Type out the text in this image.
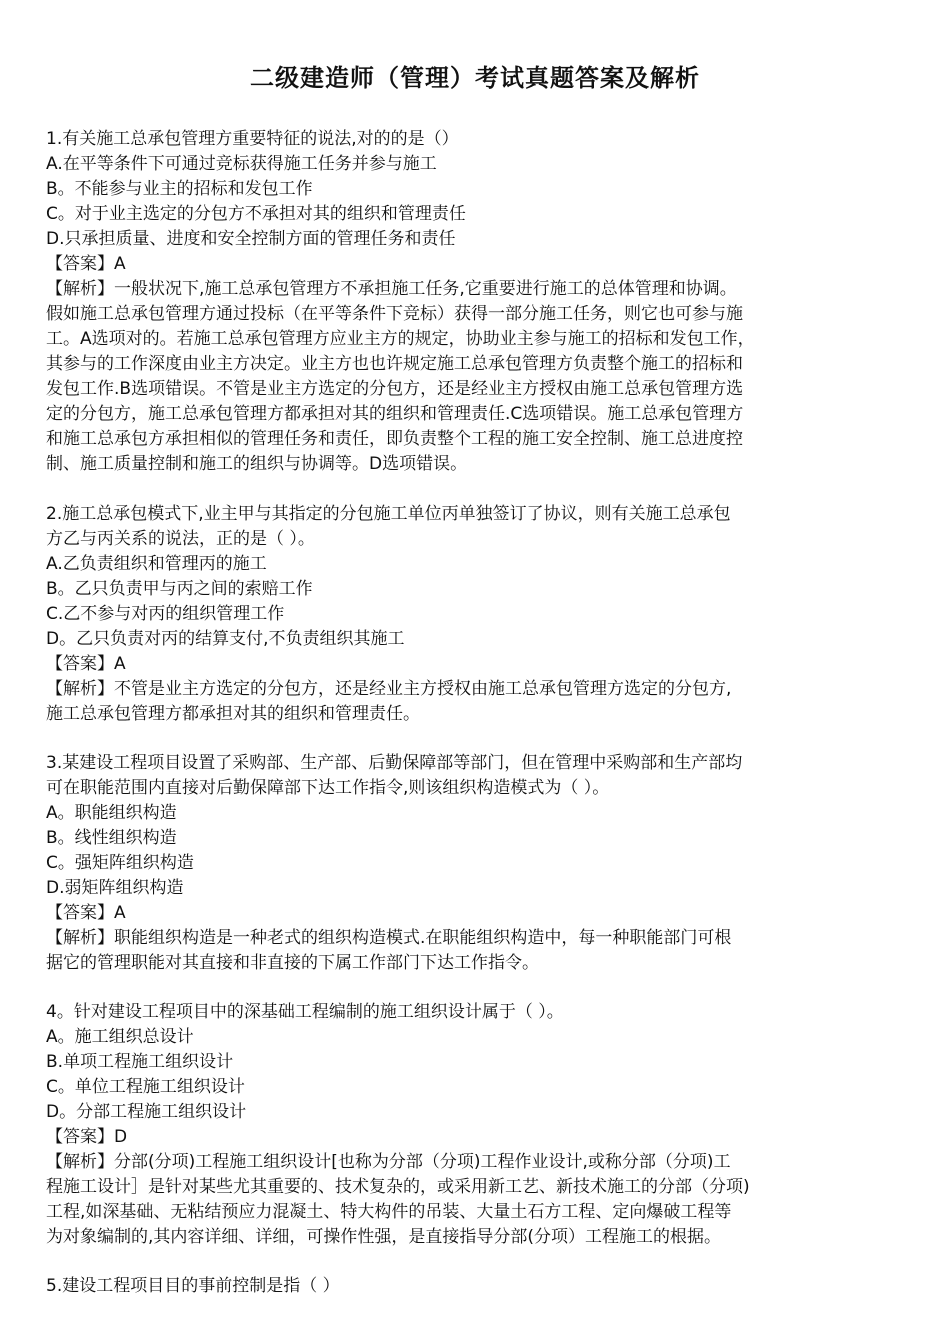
二级建造师（管理）考试真题答案及解析
1.有关施工总承包管理方重要特征的说法,对的的是（）
A.在平等条件下可通过竞标获得施工任务并参与施工
B。不能参与业主的招标和发包工作
C。对于业主选定的分包方不承担对其的组织和管理责任
D.只承担质量、进度和安全控制方面的管理任务和责任
【答案】A
【解析】一般状况下,施工总承包管理方不承担施工任务,它重要进行施工的总体管理和协调。
假如施工总承包管理方通过投标（在平等条件下竞标）获得一部分施工任务，则它也可参与施
工。A选项对的。若施工总承包管理方应业主方的规定，协助业主参与施工的招标和发包工作，
其参与的工作深度由业主方决定。业主方也也许规定施工总承包管理方负责整个施工的招标和
发包工作.B选项错误。不管是业主方选定的分包方，还是经业主方授权由施工总承包管理方选
定的分包方，施工总承包管理方都承担对其的组织和管理责任.C选项错误。施工总承包管理方
和施工总承包方承担相似的管理任务和责任，即负责整个工程的施工安全控制、施工总进度控
制、施工质量控制和施工的组织与协调等。D选项错误。
2.施工总承包模式下,业主甲与其指定的分包施工单位丙单独签订了协议，则有关施工总承包
方乙与丙关系的说法，正的是（ ）。
A.乙负责组织和管理丙的施工
B。乙只负责甲与丙之间的索赔工作
C.乙不参与对丙的组织管理工作
D。乙只负责对丙的结算支付,不负责组织其施工
【答案】A
【解析】不管是业主方选定的分包方，还是经业主方授权由施工总承包管理方选定的分包方,
施工总承包管理方都承担对其的组织和管理责任。
3.某建设工程项目设置了采购部、生产部、后勤保障部等部门，但在管理中采购部和生产部均
可在职能范围内直接对后勤保障部下达工作指令,则该组织构造模式为（ ）。
A。职能组织构造
B。线性组织构造
C。强矩阵组织构造
D.弱矩阵组织构造
【答案】A
【解析】职能组织构造是一种老式的组织构造模式.在职能组织构造中，每一种职能部门可根
据它的管理职能对其直接和非直接的下属工作部门下达工作指令。
4。针对建设工程项目中的深基础工程编制的施工组织设计属于（ ）。
A。施工组织总设计
B.单项工程施工组织设计
C。单位工程施工组织设计
D。分部工程施工组织设计
【答案】D
【解析】分部(分项)工程施工组织设计[也称为分部（分项)工程作业设计,或称分部（分项)工
程施工设计］是针对某些尤其重要的、技术复杂的，或采用新工艺、新技术施工的分部（分项)
工程,如深基础、无粘结预应力混凝土、特大构件的吊装、大量土石方工程、定向爆破工程等
为对象编制的,其内容详细、详细，可操作性强，是直接指导分部(分项）工程施工的根据。
5.建设工程项目目的事前控制是指（ ）
